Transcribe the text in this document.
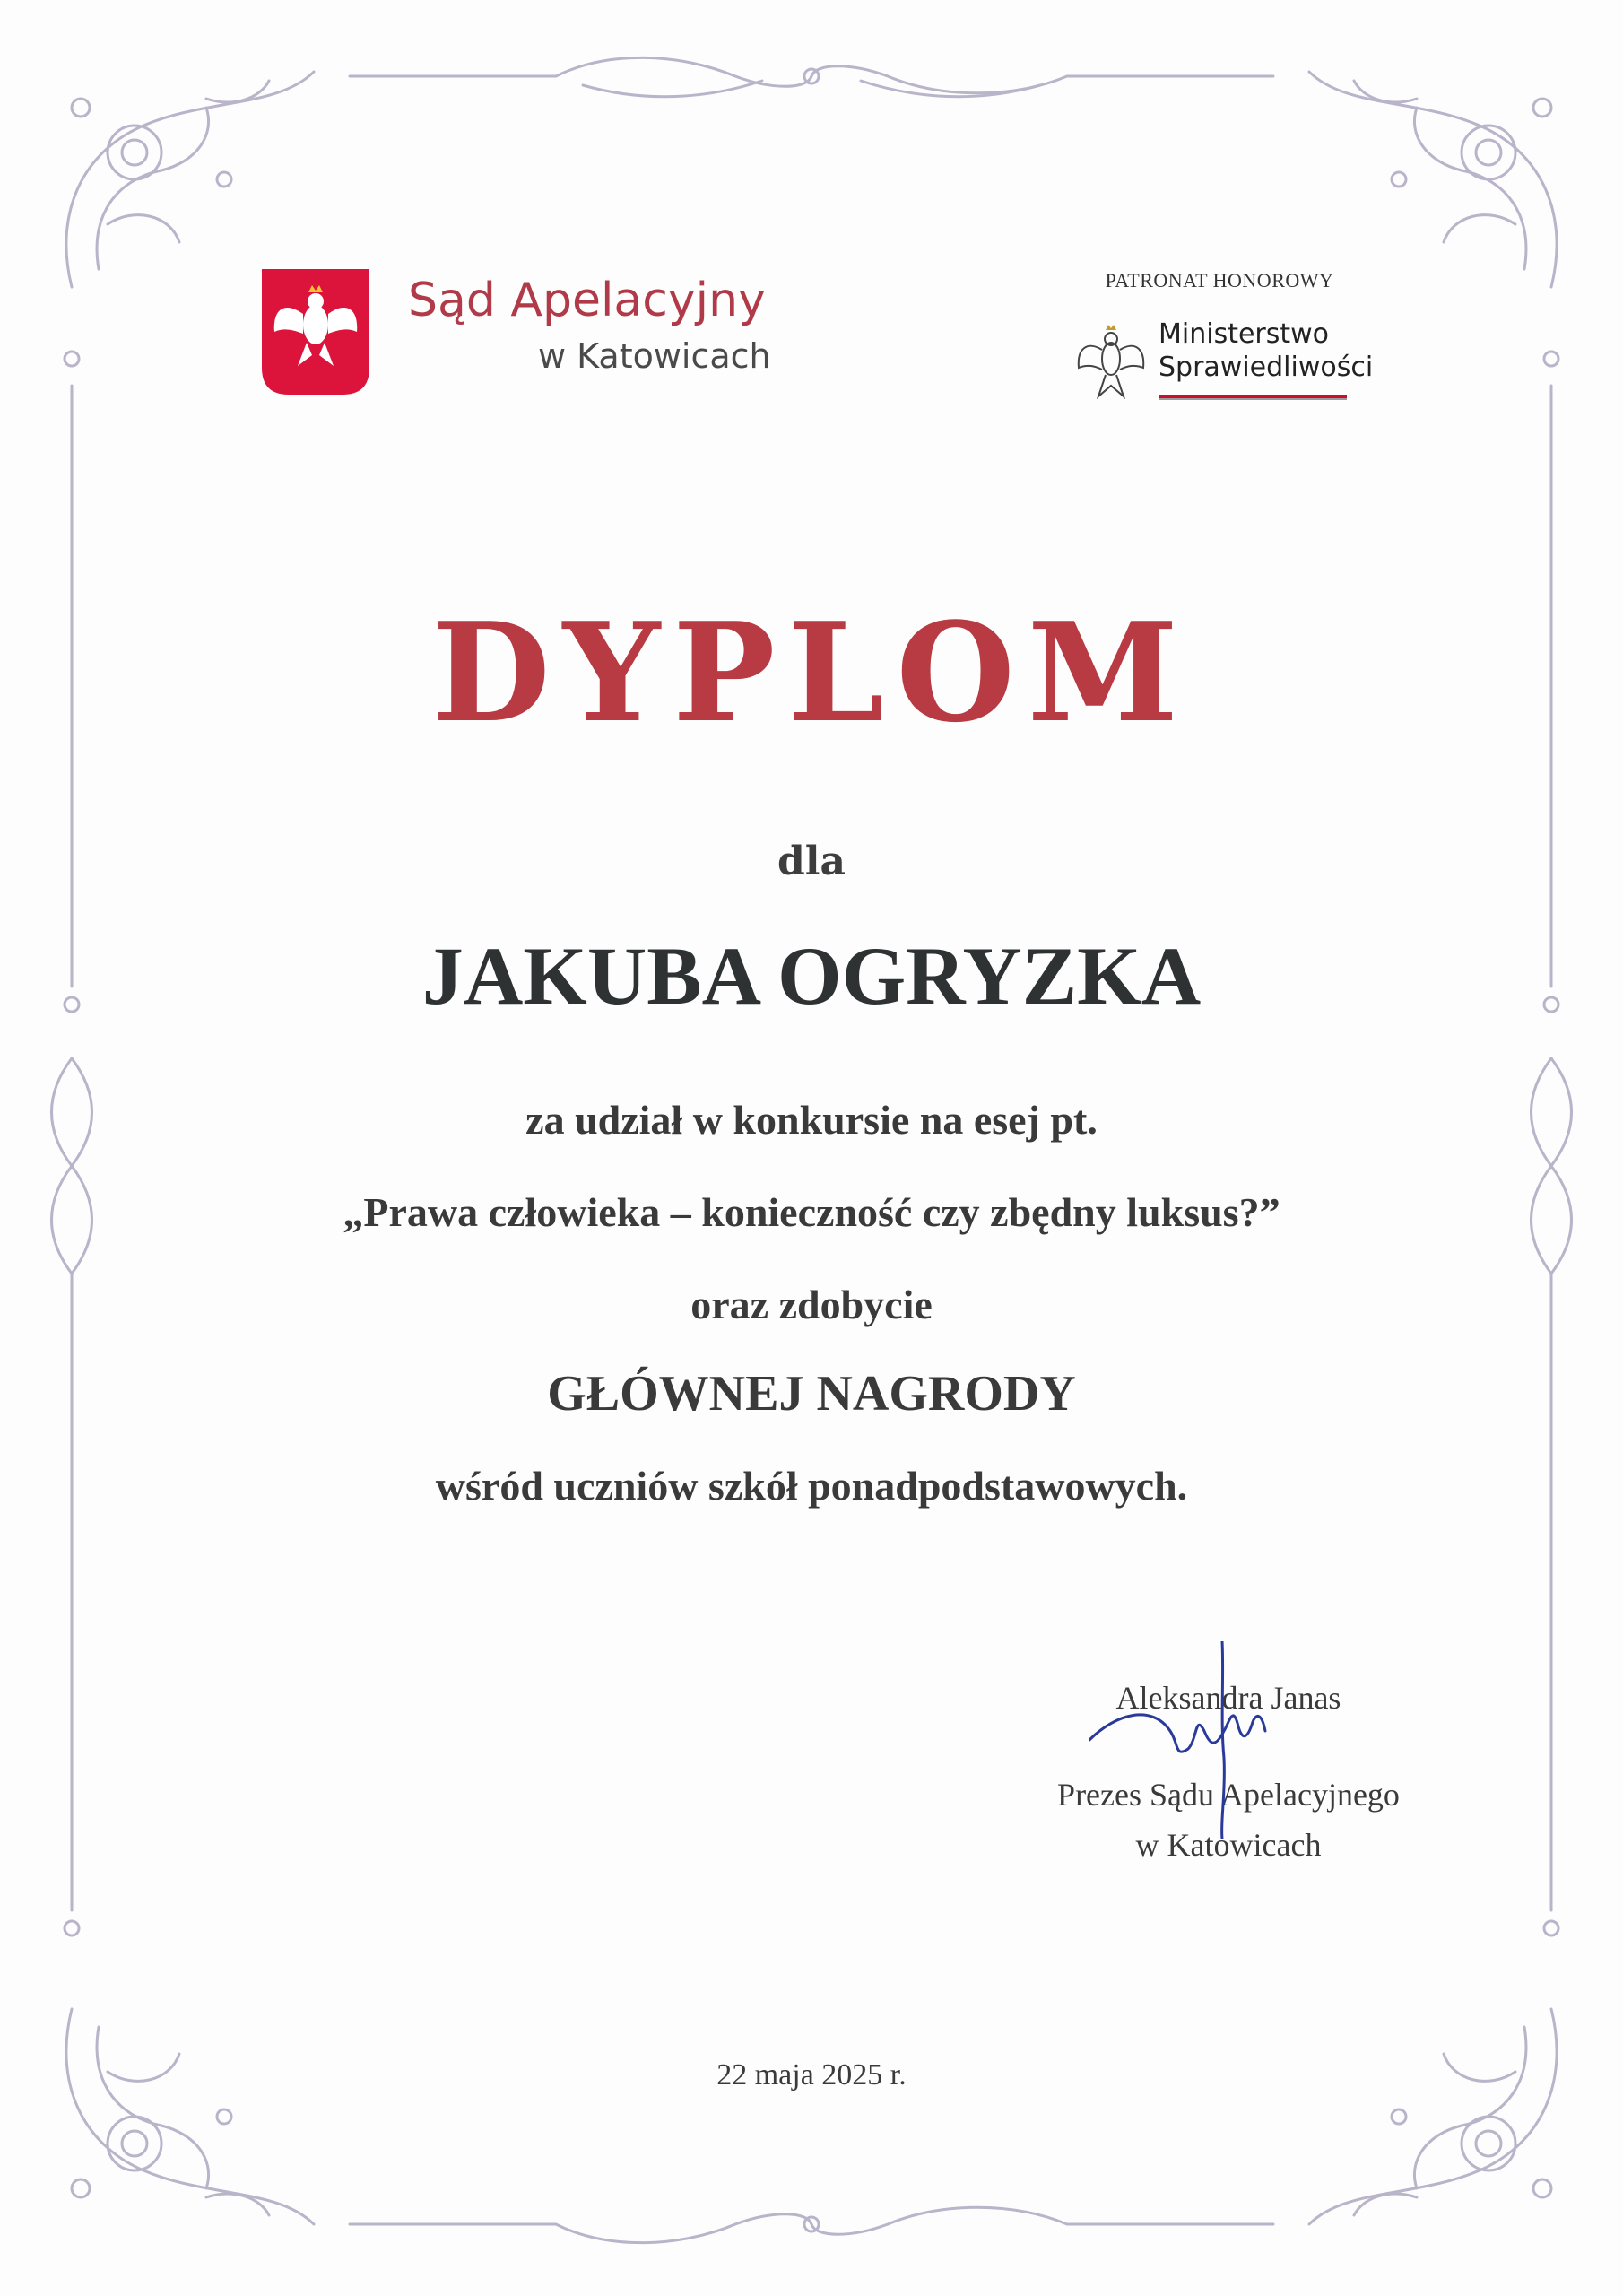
Sąd Apelacyjny
w Katowicach
PATRONAT HONOROWY
Ministerstwo
Sprawiedliwości
DYPLOM
dla
JAKUBA OGRYZKA
za udział w konkursie na esej pt.
„Prawa człowieka – konieczność czy zbędny luksus?”
oraz zdobycie
GŁÓWNEJ NAGRODY
wśród uczniów szkół ponadpodstawowych.
Aleksandra Janas
Prezes Sądu Apelacyjnego
w Katowicach
22 maja 2025 r.
